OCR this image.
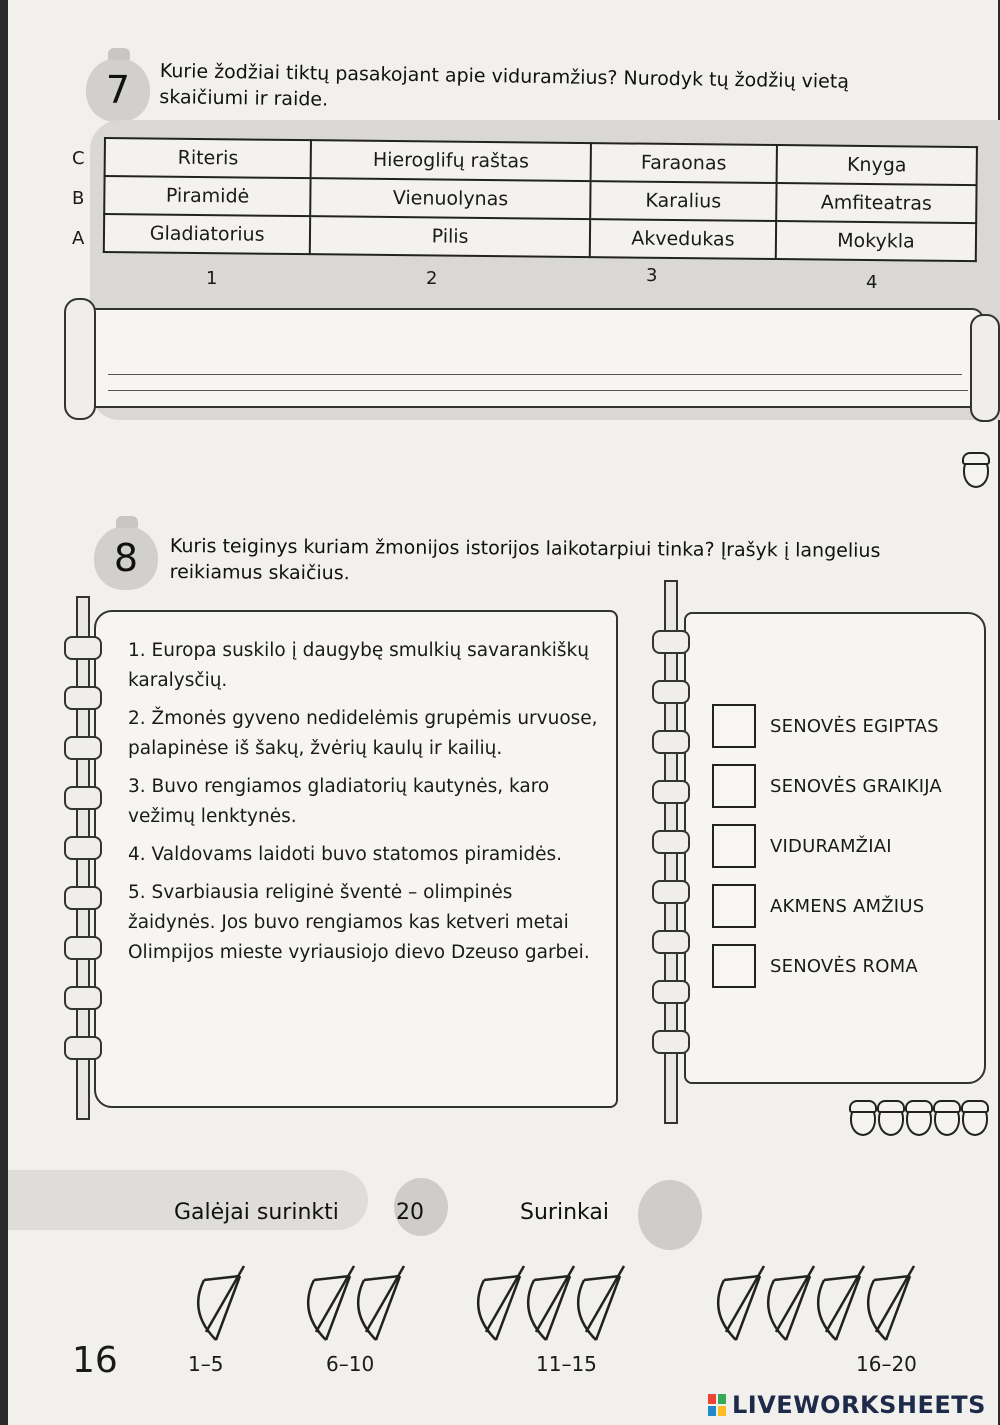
7 Kurie žodžiai tiktų pasakojant apie viduramžius? Nurodyk tų žodžių vietą
skaičiumi ir raide.
C
B
A
Riteris	Hieroglifų raštas	Faraonas	Knyga
Piramidė	Vienuolynas	Karalius	Amfiteatras
Gladiatorius	Pilis	Akvedukas	Mokykla
1	2	3	4
8 Kuris teiginys kuriam žmonijos istorijos laikotarpiui tinka? Įrašyk į langelius
reikiamus skaičius.
1. Europa suskilo į daugybę smulkių savarankiškų karalysčių.
2. Žmonės gyveno nedidelėmis grupėmis urvuose, palapinėse iš šakų, žvėrių kaulų ir kailių.
3. Buvo rengiamos gladiatorių kautynės, karo vežimų lenktynės.
4. Valdovams laidoti buvo statomos piramidės.
5. Svarbiausia religinė šventė – olimpinės žaidynės. Jos buvo rengiamos kas ketveri metai Olimpijos mieste vyriausiojo dievo Dzeuso garbei.
SENOVĖS EGIPTAS
SENOVĖS GRAIKIJA
VIDURAMŽIAI
AKMENS AMŽIUS
SENOVĖS ROMA
Galėjai surinkti	20	Surinkai
1–5	6–10	11–15	16–20
16
LIVEWORKSHEETS
